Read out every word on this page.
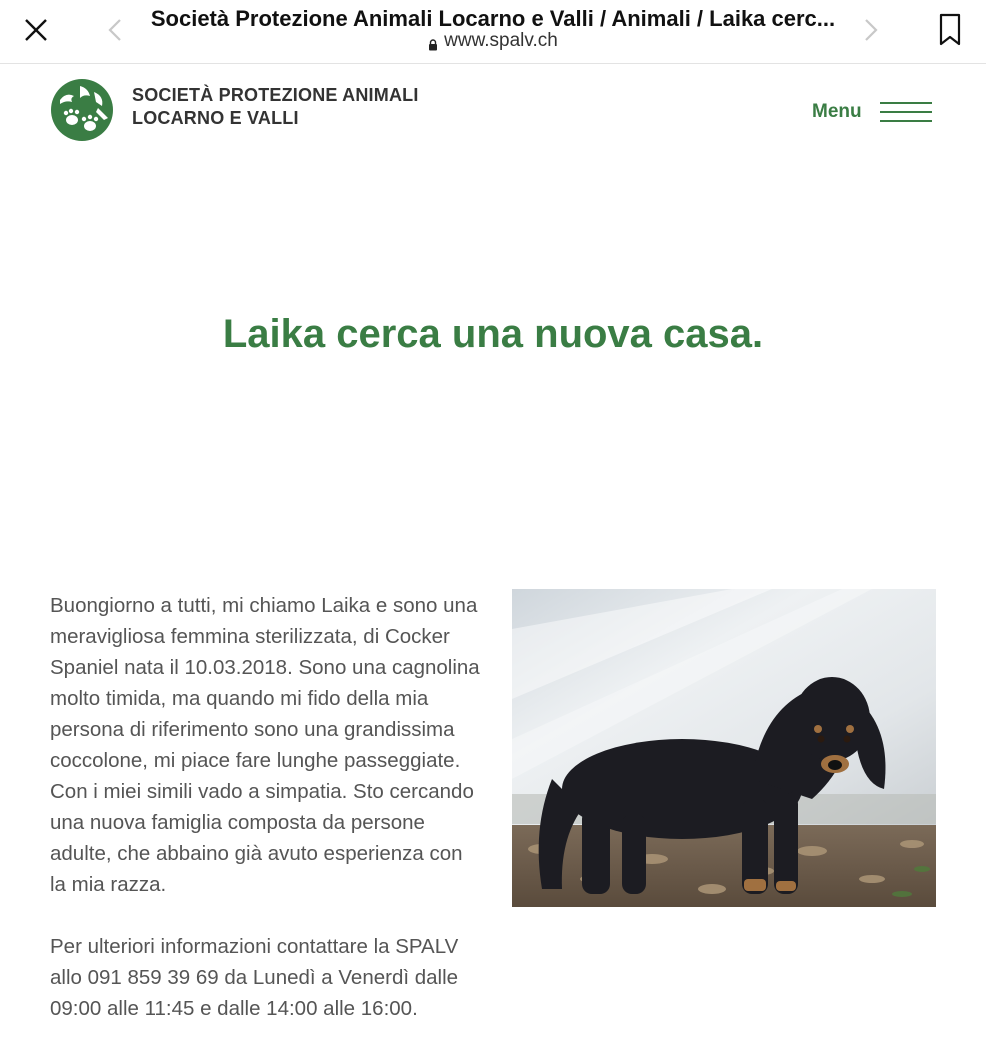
Società Protezione Animali Locarno e Valli / Animali / Laika cerc...
www.spalv.ch
SOCIETÀ PROTEZIONE ANIMALI
LOCARNO E VALLI	Menu
Laika cerca una nuova casa.

Buongiorno a tutti, mi chiamo Laika e sono una meravigliosa femmina sterilizzata, di Cocker Spaniel nata il 10.03.2018. Sono una cagnolina molto timida, ma quando mi fido della mia persona di riferimento sono una grandissima coccolone, mi piace fare lunghe passeggiate. Con i miei simili vado a simpatia. Sto cercando una nuova famiglia composta da persone adulte, che abbaino già avuto esperienza con la mia razza.

Per ulteriori informazioni contattare la SPALV allo 091 859 39 69 da Lunedì a Venerdì dalle 09:00 alle 11:45 e dalle 14:00 alle 16:00.
